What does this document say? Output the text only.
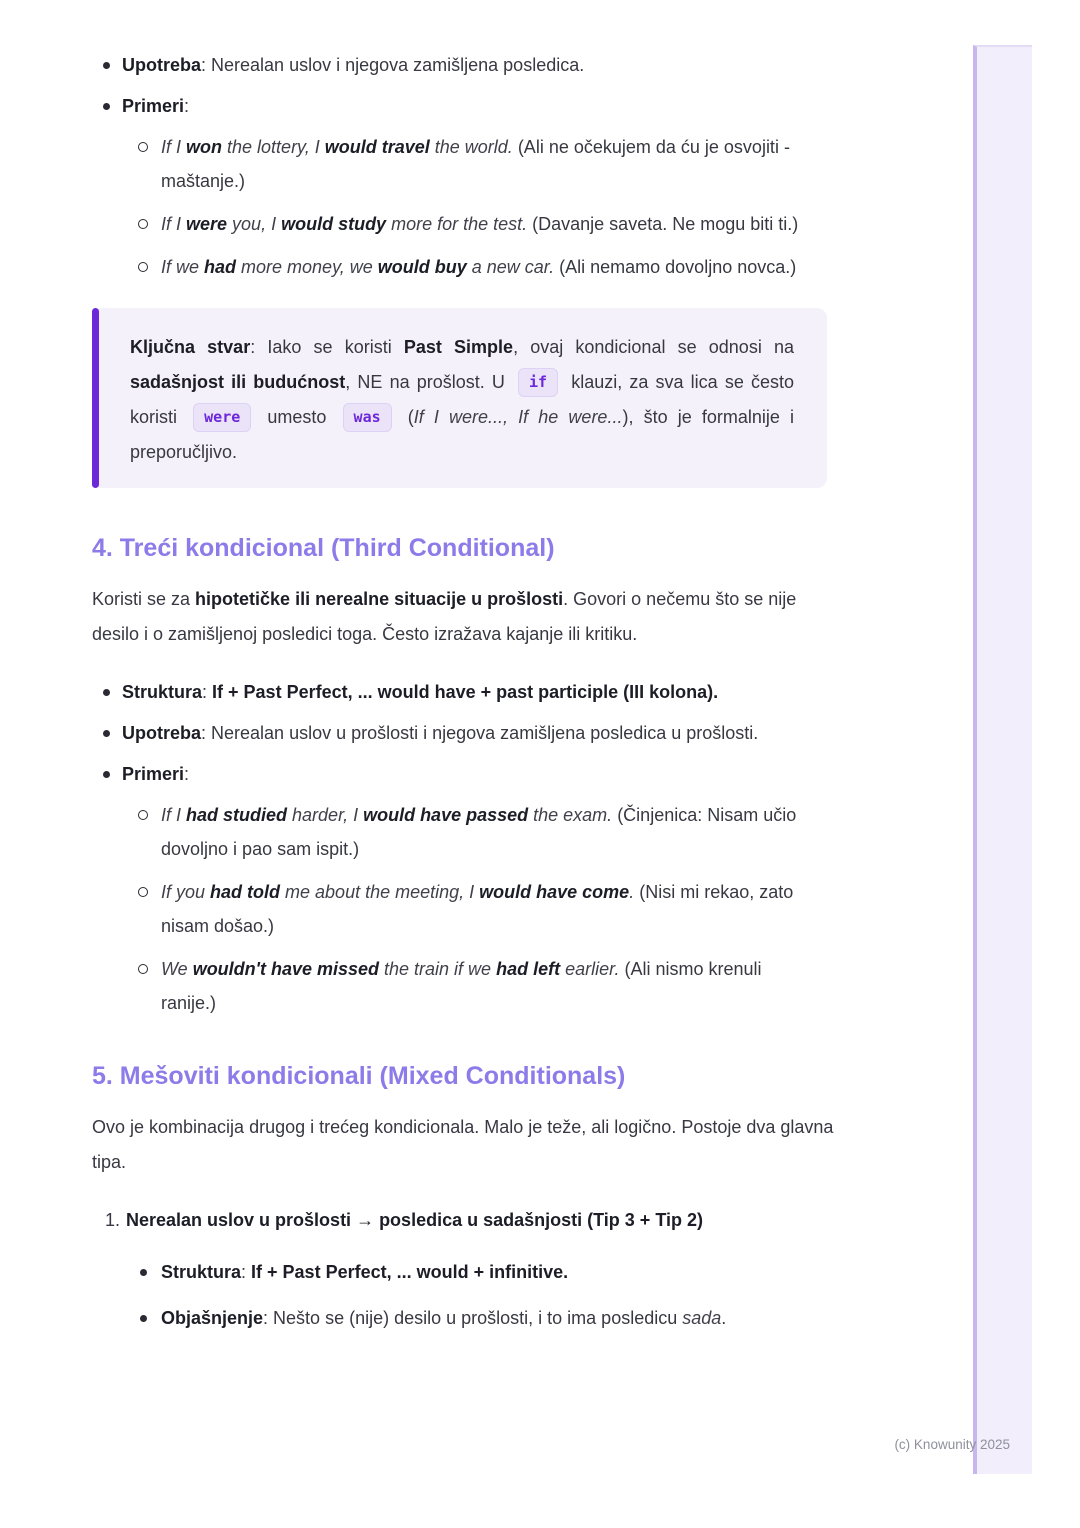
Upotreba: Nerealan uslov i njegova zamišljena posledica.
Primeri:
If I won the lottery, I would travel the world. (Ali ne očekujem da ću je osvojiti - maštanje.)
If I were you, I would study more for the test. (Davanje saveta. Ne mogu biti ti.)
If we had more money, we would buy a new car. (Ali nemamo dovoljno novca.)
Ključna stvar: Iako se koristi Past Simple, ovaj kondicional se odnosi na sadašnjost ili budućnost, NE na prošlost. U if klauzi, za sva lica se često koristi were umesto was (If I were..., If he were...), što je formalnije i preporučljivo.
4. Treći kondicional (Third Conditional)

Koristi se za hipotetičke ili nerealne situacije u prošlosti. Govori o nečemu što se nije desilo i o zamišljenoj posledici toga. Često izražava kajanje ili kritiku.

Struktura: If + Past Perfect, ... would have + past participle (III kolona).
Upotreba: Nerealan uslov u prošlosti i njegova zamišljena posledica u prošlosti.
Primeri:
If I had studied harder, I would have passed the exam. (Činjenica: Nisam učio dovoljno i pao sam ispit.)
If you had told me about the meeting, I would have come. (Nisi mi rekao, zato nisam došao.)
We wouldn't have missed the train if we had left earlier. (Ali nismo krenuli ranije.)
5. Mešoviti kondicionali (Mixed Conditionals)

Ovo je kombinacija drugog i trećeg kondicionala. Malo je teže, ali logično. Postoje dva glavna tipa.

1. Nerealan uslov u prošlosti → posledica u sadašnjosti (Tip 3 + Tip 2)
Struktura: If + Past Perfect, ... would + infinitive.
Objašnjenje: Nešto se (nije) desilo u prošlosti, i to ima posledicu sada.
(c) Knowunity 2025
